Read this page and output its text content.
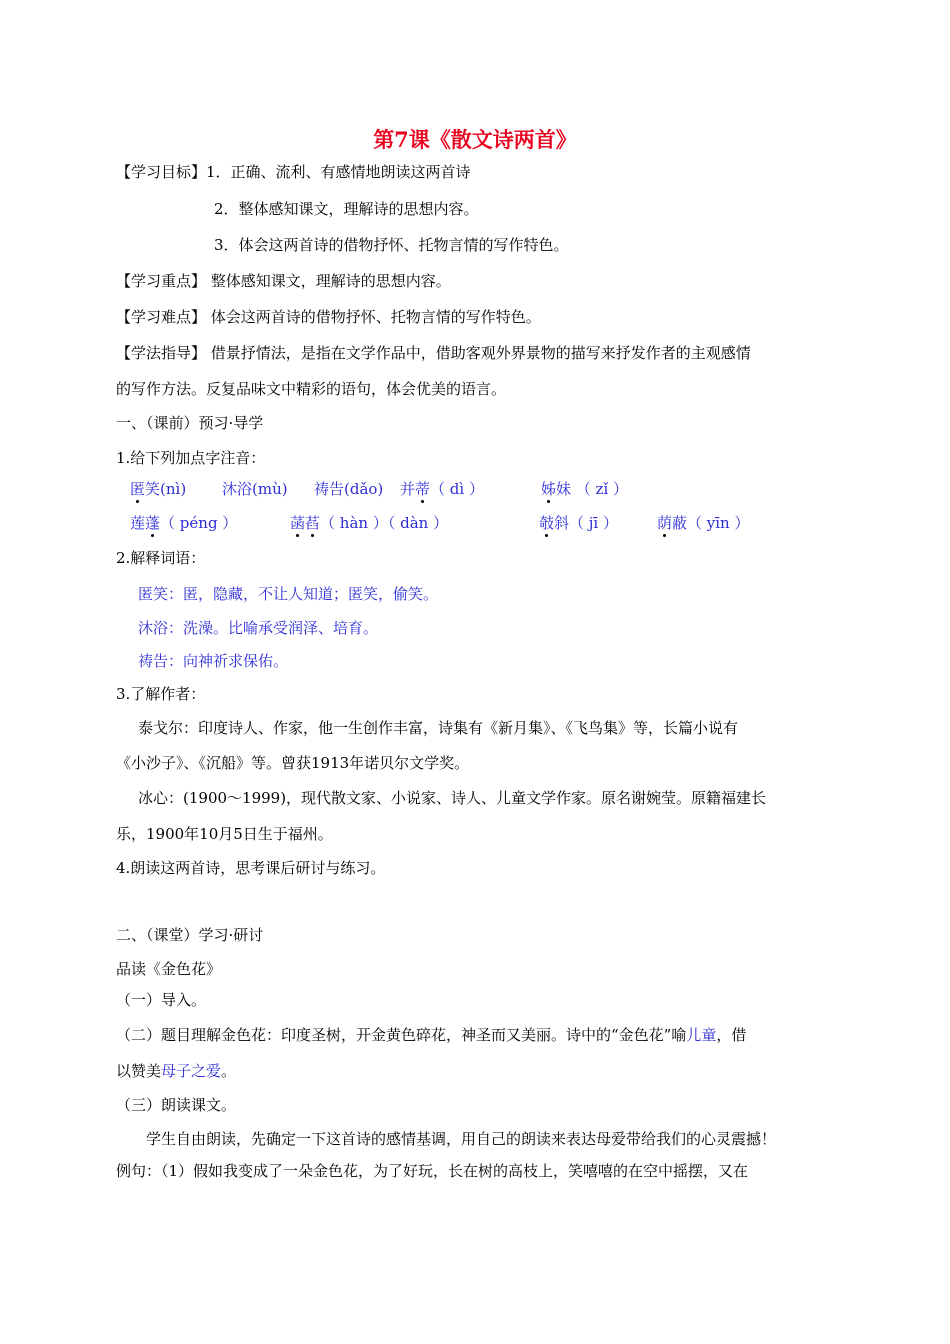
第7课《散文诗两首》
【学习目标】1．正确、流利、有感情地朗读这两首诗
2．整体感知课文，理解诗的思想内容。
3．体会这两首诗的借物抒怀、托物言情的写作特色。
【学习重点】 整体感知课文，理解诗的思想内容。
【学习难点】 体会这两首诗的借物抒怀、托物言情的写作特色。
【学法指导】 借景抒情法，是指在文学作品中，借助客观外界景物的描写来抒发作者的主观感情
的写作方法。反复品味文中精彩的语句，体会优美的语言。
一、（课前）预习·导学
1.给下列加点字注音：
匿笑(nì) 沐浴(mù) 祷告(dǎo) 并蒂（ dì ）	姊妹 （ zǐ ）
莲蓬（ péng ）	菡萏（ hàn ）（ dàn ）	攲斜（ jī ）	荫蔽（ yīn ）
2.解释词语：
匿笑：匿，隐藏，不让人知道；匿笑，偷笑。
沐浴：洗澡。比喻承受润泽、培育。
祷告：向神祈求保佑。
3.了解作者：
泰戈尔：印度诗人、作家，他一生创作丰富，诗集有《新月集》、《飞鸟集》等，长篇小说有
《小沙子》、《沉船》等。曾获1913年诺贝尔文学奖。
冰心：(1900～1999)，现代散文家、小说家、诗人、儿童文学作家。原名谢婉莹。原籍福建长
乐，1900年10月5日生于福州。
4.朗读这两首诗，思考课后研讨与练习。
二、（课堂）学习·研讨
品读《金色花》
（一）导入。
（二）题目理解金色花：印度圣树，开金黄色碎花，神圣而又美丽。诗中的“金色花”喻儿童，借
以赞美母子之爱。
（三）朗读课文。
学生自由朗读，先确定一下这首诗的感情基调，用自己的朗读来表达母爱带给我们的心灵震撼！
例句：（1）假如我变成了一朵金色花，为了好玩，长在树的高枝上，笑嘻嘻的在空中摇摆，又在
